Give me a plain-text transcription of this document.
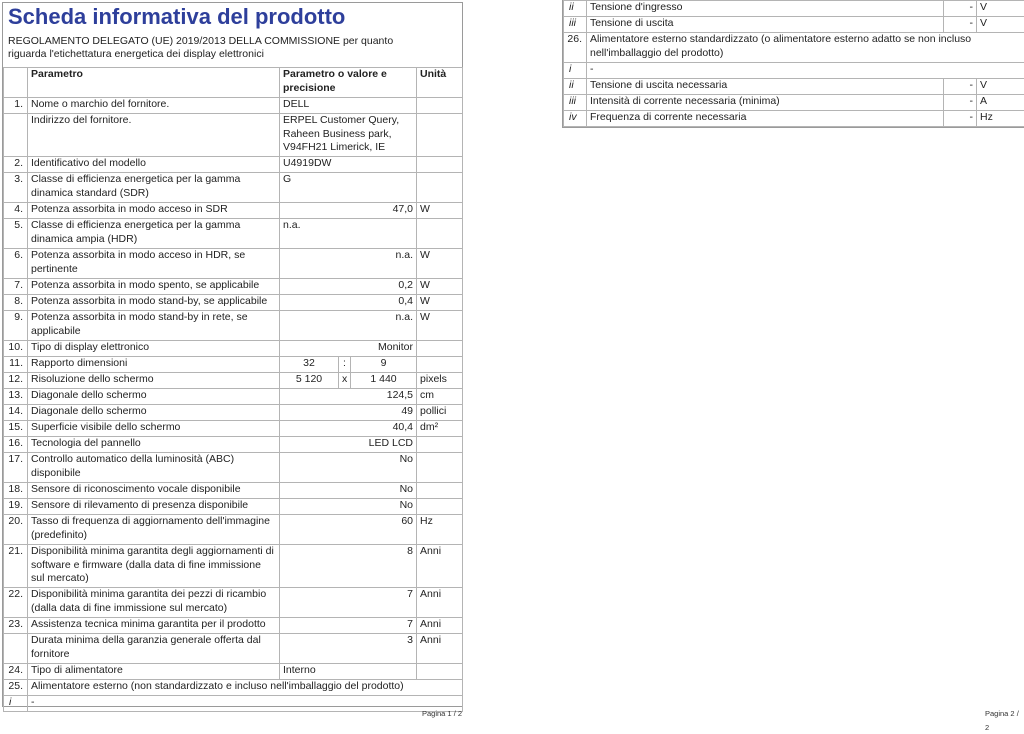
Scheda informativa del prodotto
REGOLAMENTO DELEGATO (UE) 2019/2013 DELLA COMMISSIONE per quanto riguarda l'etichettatura energetica dei display elettronici
	Parametro	Parametro o valore e precisione			Unità
1.	Nome o marchio del fornitore.	DELL			
	Indirizzo del fornitore.	ERPEL Customer Query, Raheen Business park, V94FH21 Limerick, IE			
2.	Identificativo del modello	U4919DW			
3.	Classe di efficienza energetica per la gamma dinamica standard (SDR)	G			
4.	Potenza assorbita in modo acceso in SDR	47,0			W
5.	Classe di efficienza energetica per la gamma dinamica ampia (HDR)	n.a.			
6.	Potenza assorbita in modo acceso in HDR, se pertinente	n.a.			W
7.	Potenza assorbita in modo spento, se applicabile	0,2			W
8.	Potenza assorbita in modo stand-by, se applicabile	0,4			W
9.	Potenza assorbita in modo stand-by in rete, se applicabile	n.a.			W
10.	Tipo di display elettronico	Monitor			
11.	Rapporto dimensioni	32	:	9	
12.	Risoluzione dello schermo	5 120	x	1 440	pixels
13.	Diagonale dello schermo	124,5			cm
14.	Diagonale dello schermo	49			pollici
15.	Superficie visibile dello schermo	40,4			dm²
16.	Tecnologia del pannello	LED LCD			
17.	Controllo automatico della luminosità (ABC) disponibile	No			
18.	Sensore di riconoscimento vocale disponibile	No			
19.	Sensore di rilevamento di presenza disponibile	No			
20.	Tasso di frequenza di aggiornamento dell'immagine (predefinito)	60			Hz
21.	Disponibilità minima garantita degli aggiornamenti di software e firmware (dalla data di fine immissione sul mercato)	8			Anni
22.	Disponibilità minima garantita dei pezzi di ricambio (dalla data di fine immissione sul mercato)	7			Anni
23.	Assistenza tecnica minima garantita per il prodotto	7			Anni
	Durata minima della garanzia generale offerta dal fornitore	3			Anni
24.	Tipo di alimentatore	Interno			
25.	Alimentatore esterno (non standardizzato e incluso nell'imballaggio del prodotto)				
i	-				
Pagina 1 / 2
ii	Tensione d'ingresso	-	V
iii	Tensione di uscita	-	V
26.	Alimentatore esterno standardizzato (o alimentatore esterno adatto se non incluso nell'imballaggio del prodotto)		
i	-		
ii	Tensione di uscita necessaria	-	V
iii	Intensità di corrente necessaria (minima)	-	A
iv	Frequenza di corrente necessaria	-	Hz
Pagina 2 / 2
